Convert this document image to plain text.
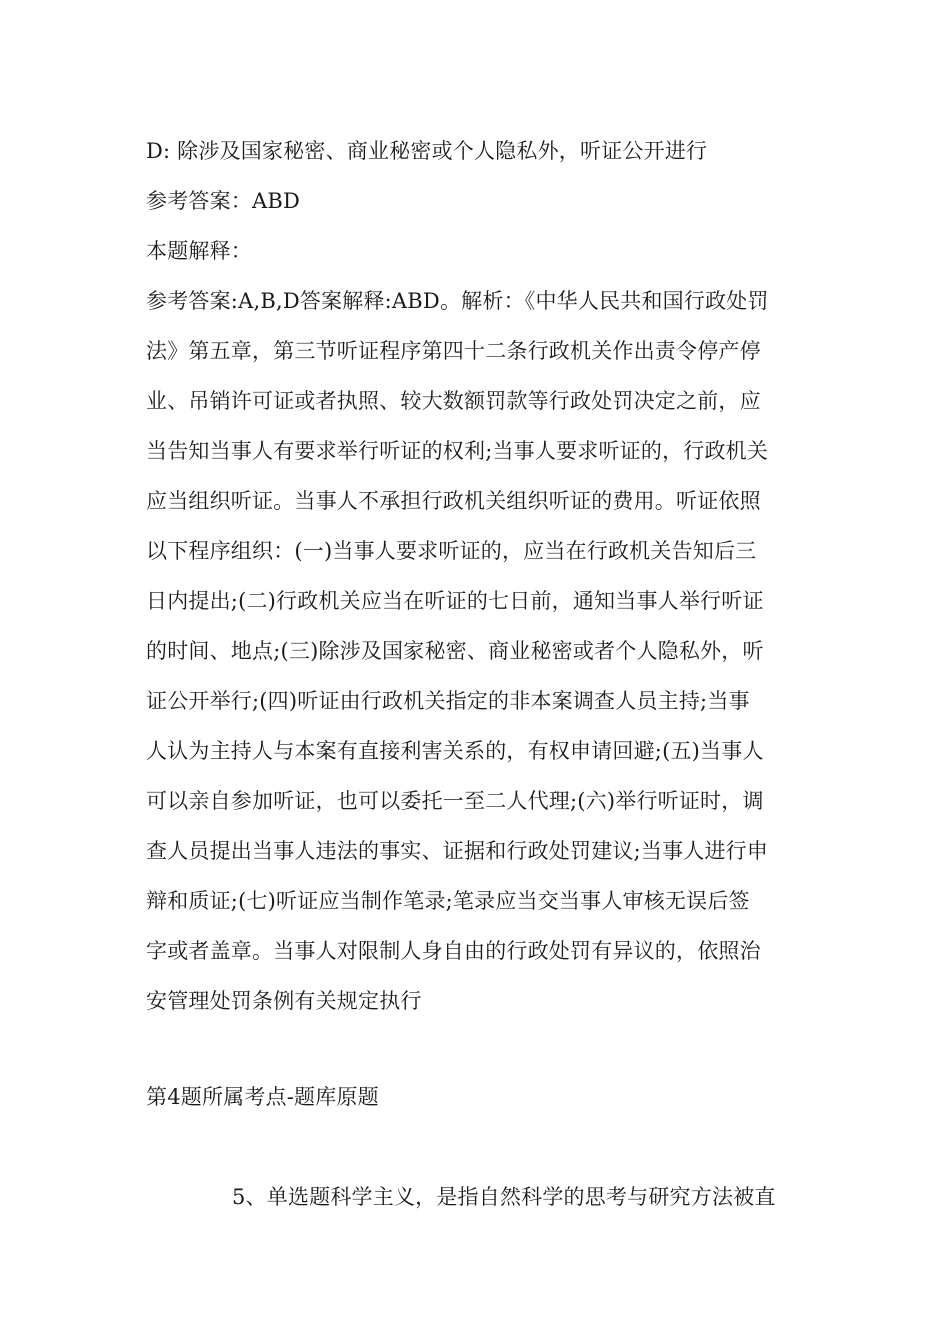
D: 除涉及国家秘密、商业秘密或个人隐私外，听证公开进行
参考答案：ABD
本题解释：
参考答案:A,B,D答案解释:ABD。解析：《中华人民共和国行政处罚
法》第五章，第三节听证程序第四十二条行政机关作出责令停产停
业、吊销许可证或者执照、较大数额罚款等行政处罚决定之前，应
当告知当事人有要求举行听证的权利;当事人要求听证的，行政机关
应当组织听证。当事人不承担行政机关组织听证的费用。听证依照
以下程序组织：(一)当事人要求听证的，应当在行政机关告知后三
日内提出;(二)行政机关应当在听证的七日前，通知当事人举行听证
的时间、地点;(三)除涉及国家秘密、商业秘密或者个人隐私外，听
证公开举行;(四)听证由行政机关指定的非本案调查人员主持;当事
人认为主持人与本案有直接利害关系的，有权申请回避;(五)当事人
可以亲自参加听证，也可以委托一至二人代理;(六)举行听证时，调
查人员提出当事人违法的事实、证据和行政处罚建议;当事人进行申
辩和质证;(七)听证应当制作笔录;笔录应当交当事人审核无误后签
字或者盖章。当事人对限制人身自由的行政处罚有异议的，依照治
安管理处罚条例有关规定执行
第4题所属考点-题库原题
5、单选题科学主义，是指自然科学的思考与研究方法被直
